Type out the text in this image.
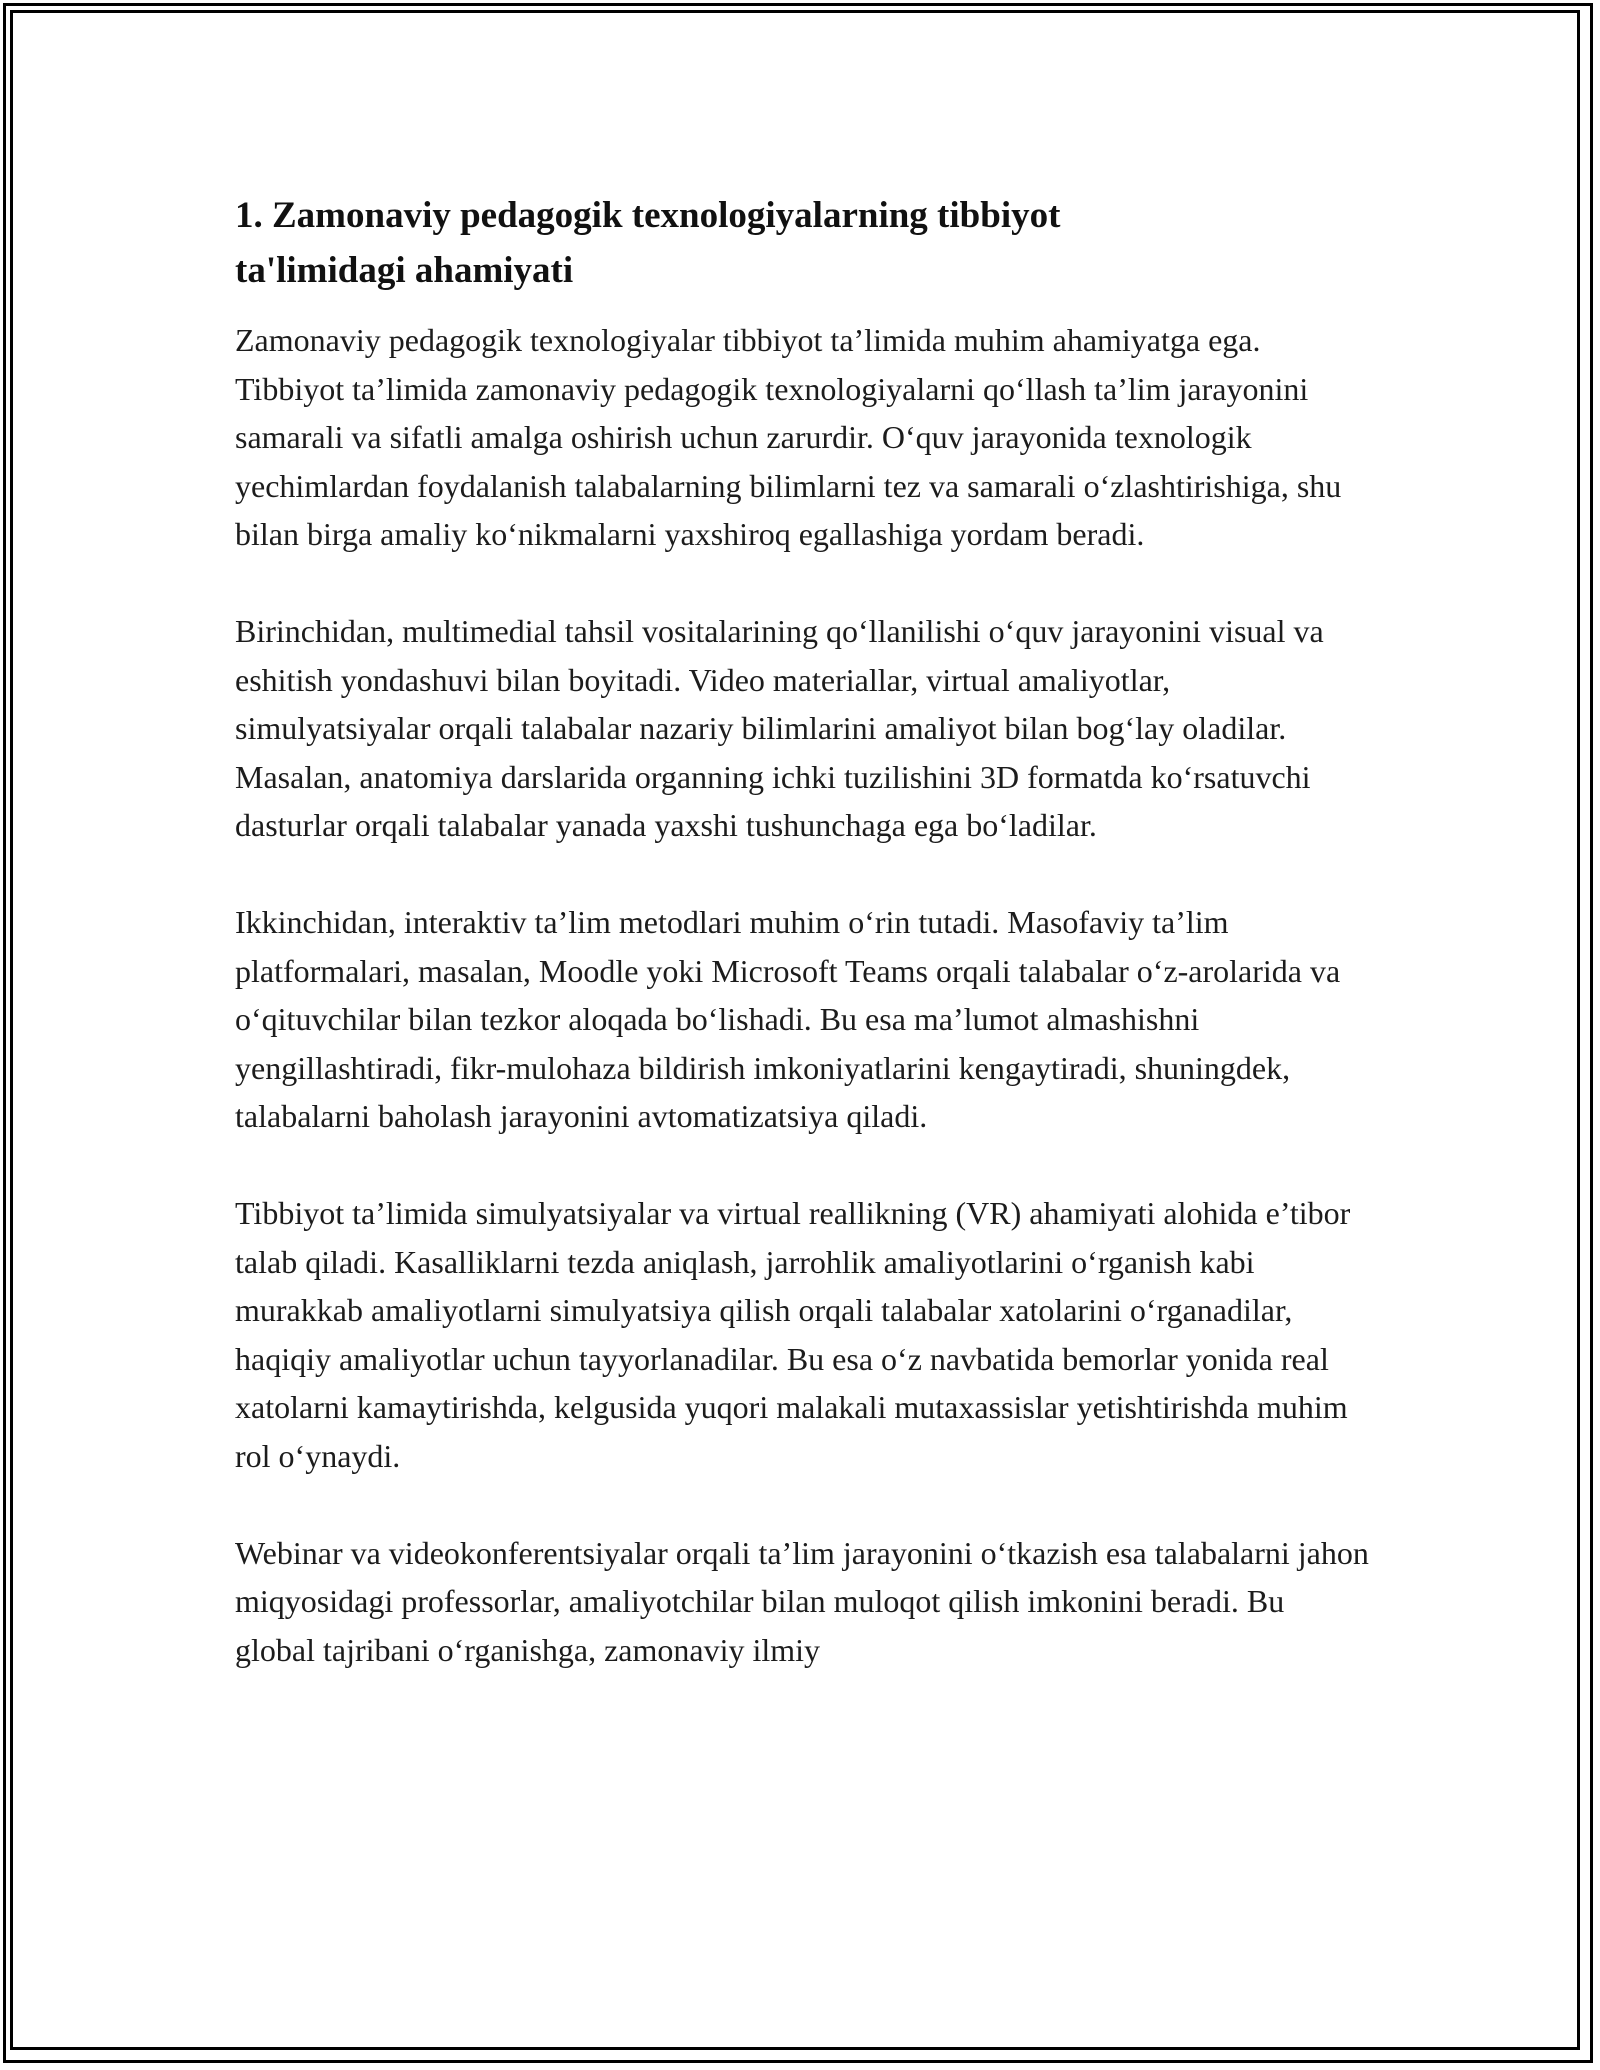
1. Zamonaviy pedagogik texnologiyalarning tibbiyot ta'limidagi ahamiyati

Zamonaviy pedagogik texnologiyalar tibbiyot ta’limida muhim ahamiyatga ega. Tibbiyot ta’limida zamonaviy pedagogik texnologiyalarni qo‘llash ta’lim jarayonini samarali va sifatli amalga oshirish uchun zarurdir. O‘quv jarayonida texnologik yechimlardan foydalanish talabalarning bilimlarni tez va samarali o‘zlashtirishiga, shu bilan birga amaliy ko‘nikmalarni yaxshiroq egallashiga yordam beradi.

Birinchidan, multimedial tahsil vositalarining qo‘llanilishi o‘quv jarayonini visual va eshitish yondashuvi bilan boyitadi. Video materiallar, virtual amaliyotlar, simulyatsiyalar orqali talabalar nazariy bilimlarini amaliyot bilan bog‘lay oladilar. Masalan, anatomiya darslarida organning ichki tuzilishini 3D formatda ko‘rsatuvchi dasturlar orqali talabalar yanada yaxshi tushunchaga ega bo‘ladilar.

Ikkinchidan, interaktiv ta’lim metodlari muhim o‘rin tutadi. Masofaviy ta’lim platformalari, masalan, Moodle yoki Microsoft Teams orqali talabalar o‘z-arolarida va o‘qituvchilar bilan tezkor aloqada bo‘lishadi. Bu esa ma’lumot almashishni yengillashtiradi, fikr-mulohaza bildirish imkoniyatlarini kengaytiradi, shuningdek, talabalarni baholash jarayonini avtomatizatsiya qiladi.

Tibbiyot ta’limida simulyatsiyalar va virtual reallikning (VR) ahamiyati alohida e’tibor talab qiladi. Kasalliklarni tezda aniqlash, jarrohlik amaliyotlarini o‘rganish kabi murakkab amaliyotlarni simulyatsiya qilish orqali talabalar xatolarini o‘rganadilar, haqiqiy amaliyotlar uchun tayyorlanadilar. Bu esa o‘z navbatida bemorlar yonida real xatolarni kamaytirishda, kelgusida yuqori malakali mutaxassislar yetishtirishda muhim rol o‘ynaydi.

Webinar va videokonferentsiyalar orqali ta’lim jarayonini o‘tkazish esa talabalarni jahon miqyosidagi professorlar, amaliyotchilar bilan muloqot qilish imkonini beradi. Bu global tajribani o‘rganishga, zamonaviy ilmiy
